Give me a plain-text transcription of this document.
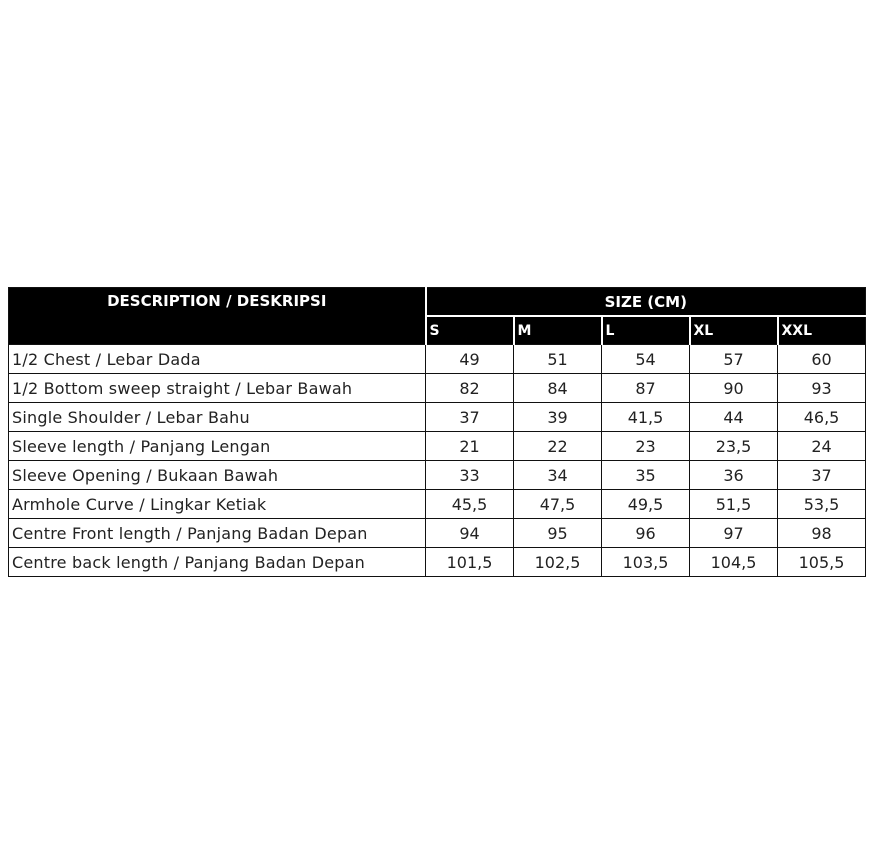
DESCRIPTION / DESKRIPSI	SIZE (CM)				
	S	M	L	XL	XXL
1/2 Chest / Lebar Dada	49	51	54	57	60
1/2 Bottom sweep straight / Lebar Bawah	82	84	87	90	93
Single Shoulder / Lebar Bahu	37	39	41,5	44	46,5
Sleeve length / Panjang Lengan	21	22	23	23,5	24
Sleeve Opening / Bukaan Bawah	33	34	35	36	37
Armhole Curve / Lingkar Ketiak	45,5	47,5	49,5	51,5	53,5
Centre Front length / Panjang Badan Depan	94	95	96	97	98
Centre back length / Panjang Badan Depan	101,5	102,5	103,5	104,5	105,5
